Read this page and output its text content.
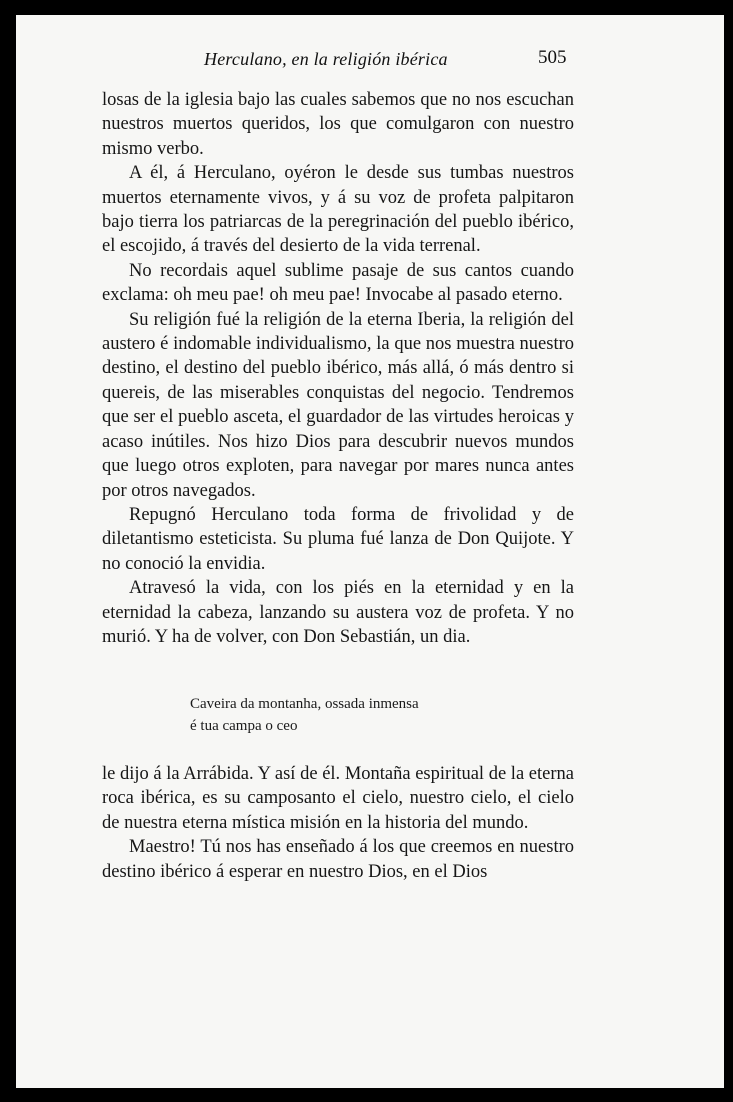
Herculano, en la religión ibérica	505

losas de la iglesia bajo las cuales sabemos que no nos escuchan nuestros muertos queridos, los que comulgaron con nuestro mismo verbo.

A él, á Herculano, oyéron le desde sus tumbas nuestros muertos eternamente vivos, y á su voz de profeta palpitaron bajo tierra los patriarcas de la peregrinación del pueblo ibérico, el escojido, á través del desierto de la vida terrenal.

No recordais aquel sublime pasaje de sus cantos cuando exclama: oh meu pae! oh meu pae! Invocabe al pasado eterno.

Su religión fué la religión de la eterna Iberia, la religión del austero é indomable individualismo, la que nos muestra nuestro destino, el destino del pueblo ibérico, más allá, ó más dentro si quereis, de las miserables conquistas del negocio. Tendremos que ser el pueblo asceta, el guardador de las virtudes heroicas y acaso inútiles. Nos hizo Dios para descubrir nuevos mundos que luego otros exploten, para navegar por mares nunca antes por otros navegados.

Repugnó Herculano toda forma de frivolidad y de diletantismo esteticista. Su pluma fué lanza de Don Quijote. Y no conoció la envidia.

Atravesó la vida, con los piés en la eternidad y en la eternidad la cabeza, lanzando su austera voz de profeta. Y no murió. Y ha de volver, con Don Sebastián, un dia.

Caveira da montanha, ossada inmensa

é tua campa o ceo

le dijo á la Arrábida. Y así de él. Montaña espiritual de la eterna roca ibérica, es su camposanto el cielo, nuestro cielo, el cielo de nuestra eterna mística misión en la historia del mundo.

Maestro! Tú nos has enseñado á los que creemos en nuestro destino ibérico á esperar en nuestro Dios, en el Dios
